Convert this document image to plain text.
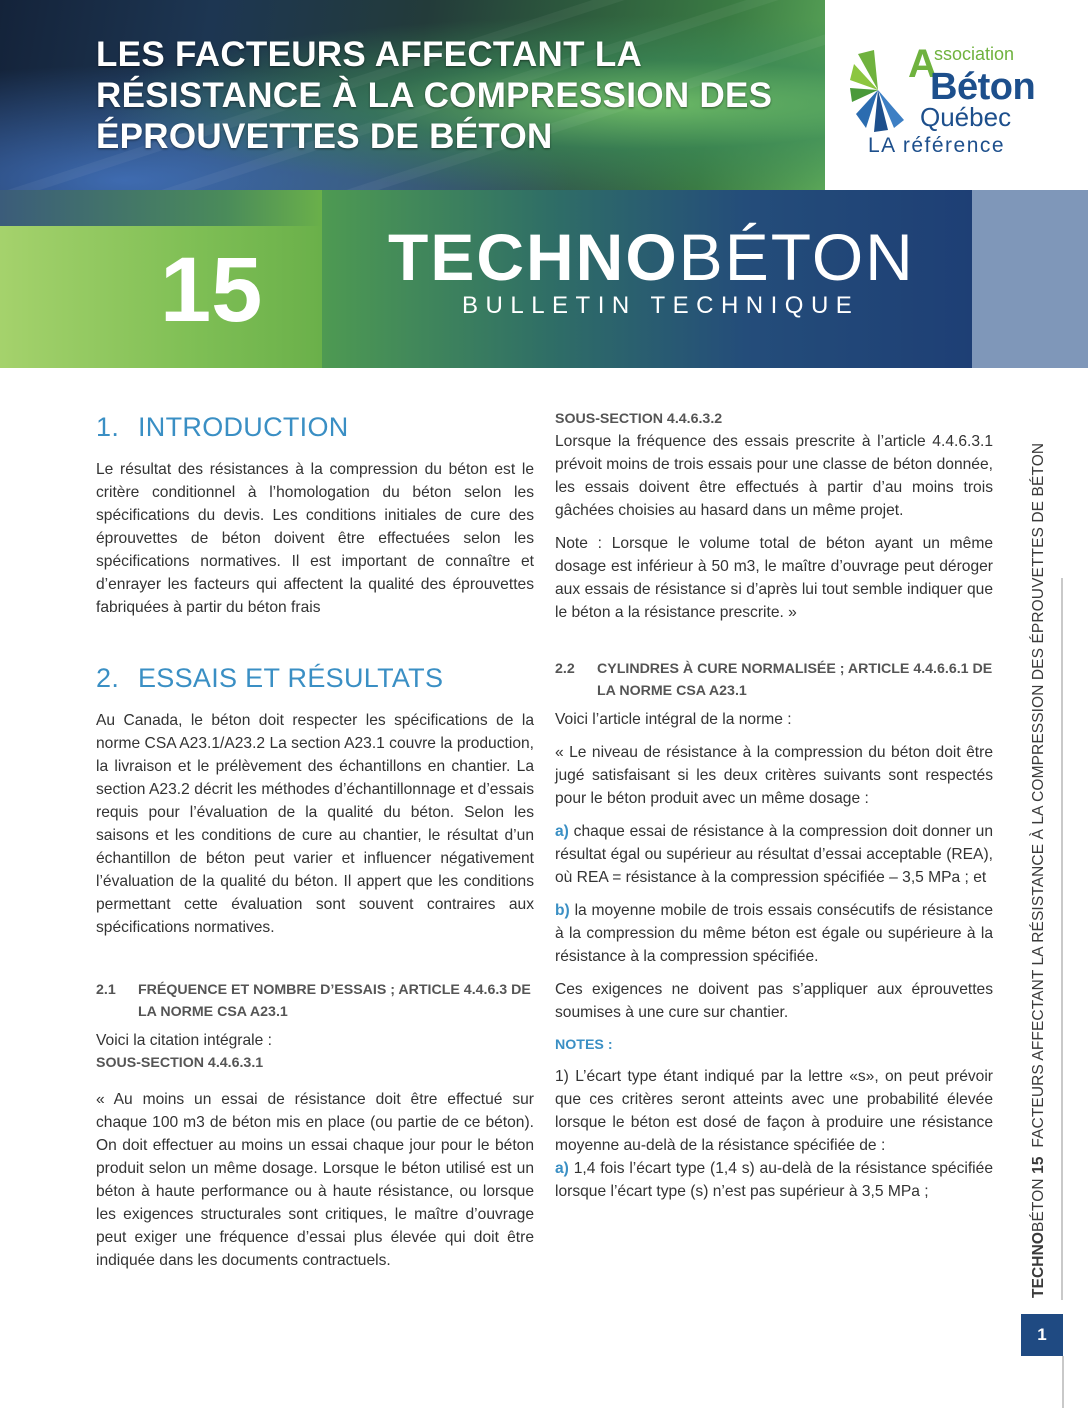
LES FACTEURS AFFECTANT LA
RÉSISTANCE À LA COMPRESSION DES
ÉPROUVETTES DE BÉTON
A
ssociation
Béton
Québec
LA référence
15	TECHNOBÉTON
BULLETIN TECHNIQUE
1. INTRODUCTION

Le résultat des résistances à la compression du béton est le critère conditionnel à l’homologation du béton selon les spécifications du devis. Les conditions initiales de cure des éprouvettes de béton doivent être effectuées selon les spécifications normatives. Il est important de connaître et d’enrayer les facteurs qui affectent la qualité des éprouvettes fabriquées à partir du béton frais

2. ESSAIS ET RÉSULTATS

Au Canada, le béton doit respecter les spécifications de la norme CSA A23.1/A23.2 La section A23.1 couvre la production, la livraison et le prélèvement des échantillons en chantier. La section A23.2 décrit les méthodes d’échantillonnage et d’essais requis pour l’évaluation de la qualité du béton. Selon les saisons et les conditions de cure au chantier, le résultat d’un échantillon de béton peut varier et influencer négativement l’évaluation de la qualité du béton. Il appert que les conditions permettant cette évaluation sont souvent contraires aux spécifications normatives.

2.1	FRÉQUENCE ET NOMBRE D’ESSAIS ; ARTICLE 4.4.6.3 DE LA NORME CSA A23.1
Voici la citation intégrale :
SOUS-SECTION 4.4.6.3.1

« Au moins un essai de résistance doit être effectué sur chaque 100 m3 de béton mis en place (ou partie de ce béton). On doit effectuer au moins un essai chaque jour pour le béton produit selon un même dosage. Lorsque le béton utilisé est un béton à haute performance ou à haute résistance, ou lorsque les exigences structurales sont critiques, le maître d’ouvrage peut exiger une fréquence d’essai plus élevée qui doit être indiquée dans les documents contractuels.

SOUS-SECTION 4.4.6.3.2

Lorsque la fréquence des essais prescrite à l’article 4.4.6.3.1 prévoit moins de trois essais pour une classe de béton donnée, les essais doivent être effectués à partir d’au moins trois gâchées choisies au hasard dans un même projet.

Note : Lorsque le volume total de béton ayant un même dosage est inférieur à 50 m3, le maître d’ouvrage peut déroger aux essais de résistance si d’après lui tout semble indiquer que le béton a la résistance prescrite. »

2.2	CYLINDRES À CURE NORMALISÉE ; ARTICLE 4.4.6.6.1 DE LA NORME CSA A23.1

Voici l’article intégral de la norme :

« Le niveau de résistance à la compression du béton doit être jugé satisfaisant si les deux critères suivants sont respectés pour le béton produit avec un même dosage :

a) chaque essai de résistance à la compression doit donner un résultat égal ou supérieur au résultat d’essai acceptable (REA), où REA = résistance à la compression spécifiée – 3,5 MPa ; et

b) la moyenne mobile de trois essais consécutifs de résistance à la compression du même béton est égale ou supérieure à la résistance à la compression spécifiée.

Ces exigences ne doivent pas s’appliquer aux éprouvettes soumises à une cure sur chantier.

NOTES :

1) L’écart type étant indiqué par la lettre «s», on peut prévoir que ces critères seront atteints avec une probabilité élevée lorsque le béton est dosé de façon à produire une résistance moyenne au-delà de la résistance spécifiée de :

a) 1,4 fois l’écart type (1,4 s) au-delà de la résistance spécifiée lorsque l’écart type (s) n’est pas supérieur à 3,5 MPa ;

TECHNOBÉTON 15  FACTEURS AFFECTANT LA RÉSISTANCE À LA COMPRESSION DES ÉPROUVETTES DE BÉTON
1
